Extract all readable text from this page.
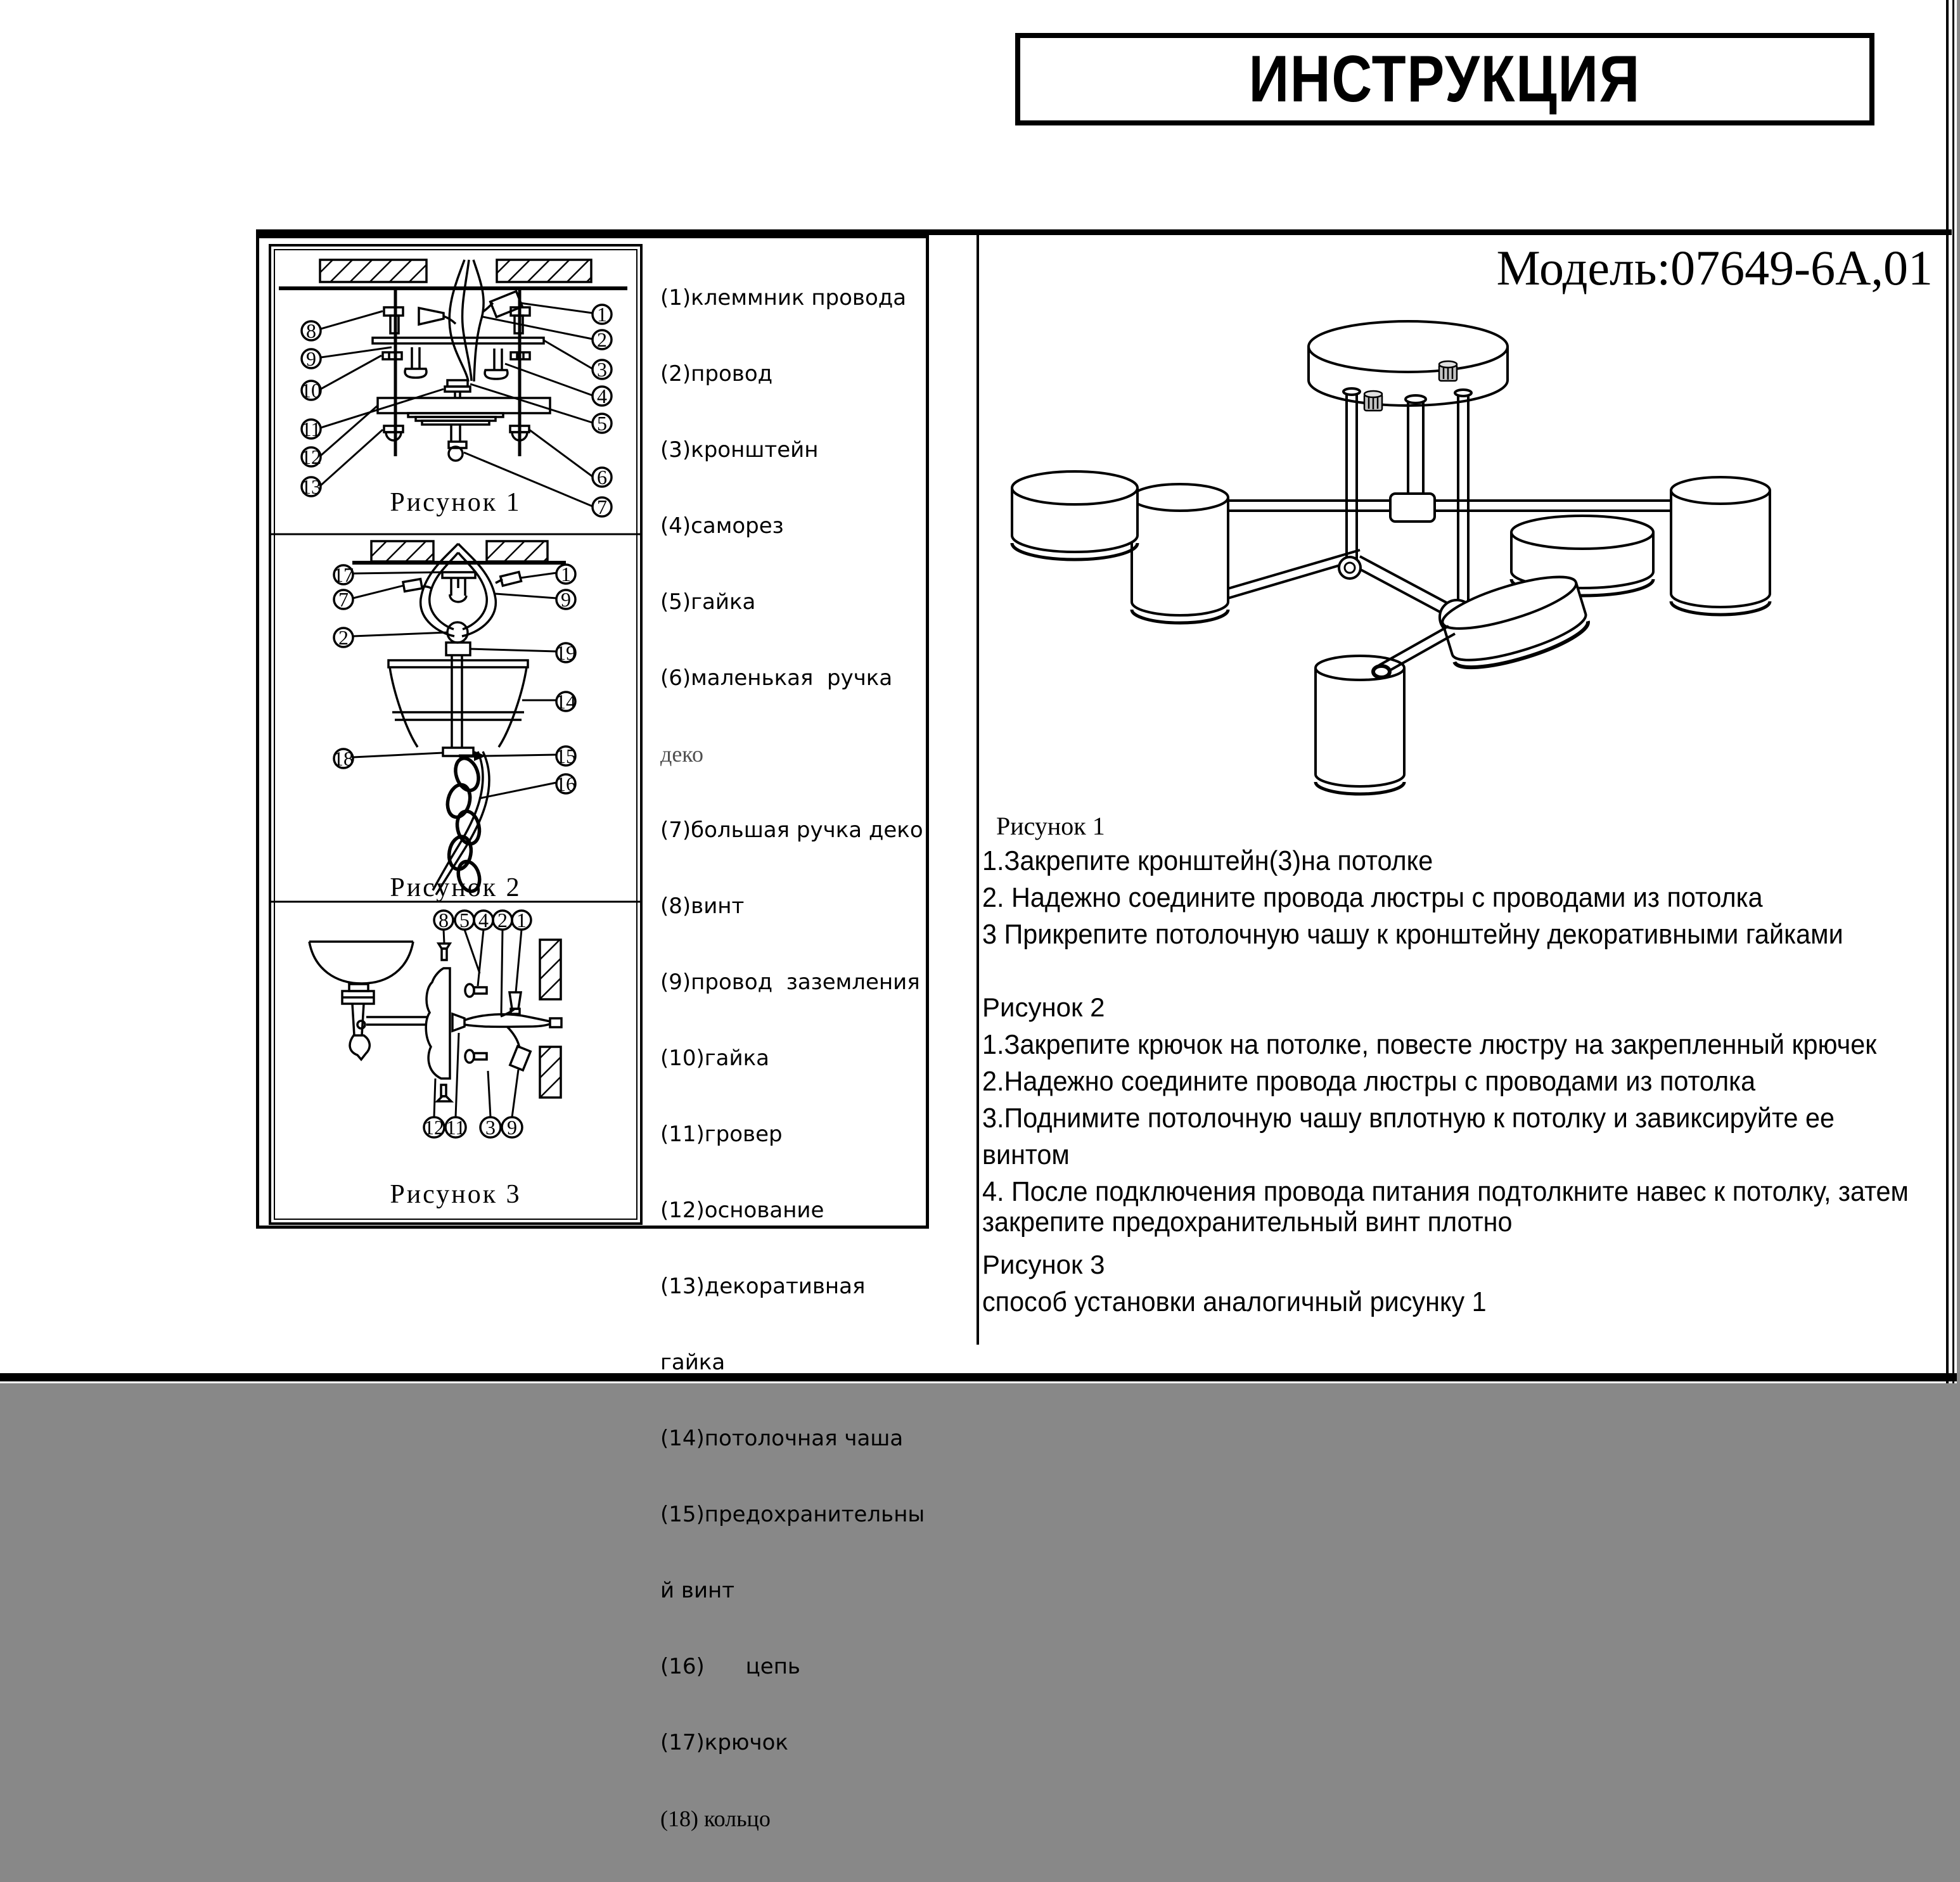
ИНСТРУКЦИЯ
Модель:07649-6A,01

(1)клеммник провода

(2)провод

(3)кронштейн

(4)саморез

(5)гайка

(6)маленькая  ручка

деко

(7)большая ручка деко

(8)винт

(9)провод  заземления

(10)гайка

(11)гровер

(12)основание

(13)декоративная

гайка

(14)потолочная чаша

(15)предохранительны

й винт

(16)      цепь

(17)крючок

(18) кольцо

8
9
10
11
12
13
1
2
3
4
5
6
7
Рисунок 1
17
7
2
18
1
9
19
14
15
16
Рисунок 2
8 5 4 2 1
12 11 3 9
Рисунок 3
Рисунок 1
1.Закрепите кронштейн(3)на потолке
2. Надежно соедините провода люстры с проводами из потолка
3 Прикрепите потолочную чашу к кронштейну декоративными гайками
Рисунок 2
1.Закрепите крючок на потолке, повесте люстру на закрепленный крючек
2.Надежно соедините провода люстры с проводами из потолка
3.Поднимите потолочную чашу вплотную к потолку и завиксируйте ее
винтом
4. После подключения провода питания подтолкните навес к потолку, затем
закрепите предохранительный винт плотно
Рисунок 3
способ установки аналогичный рисунку 1
